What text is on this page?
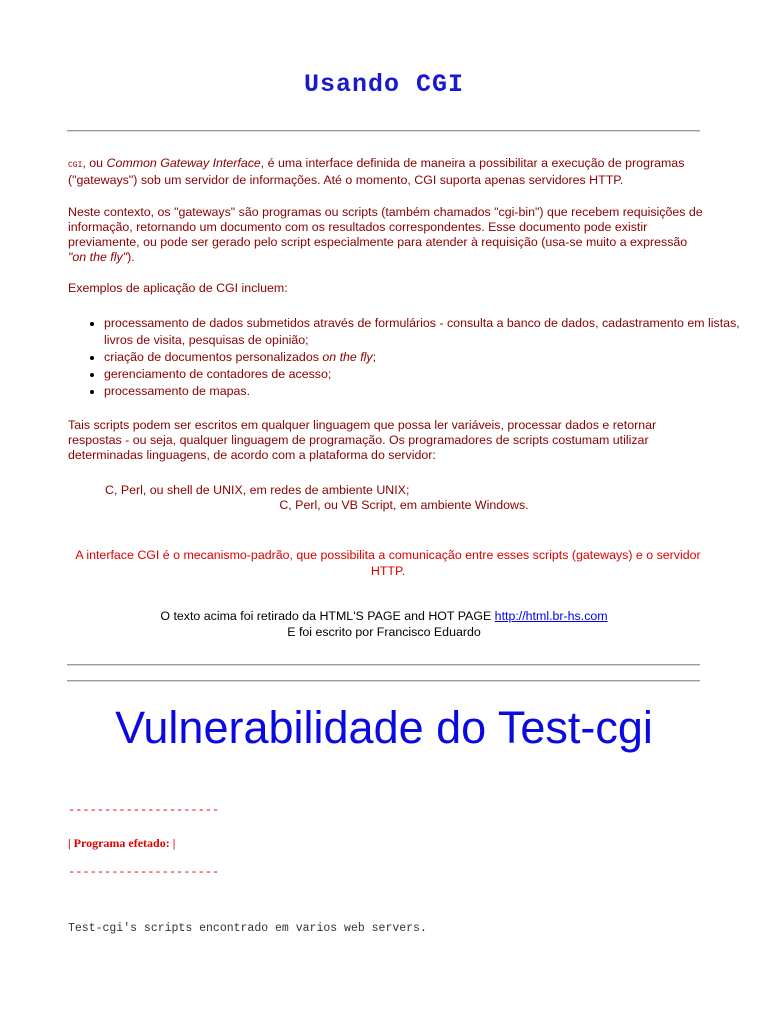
Usando CGI
CGI, ou Common Gateway Interface, é uma interface definida de maneira a possibilitar a execução de programas ("gateways") sob um servidor de informações. Até o momento, CGI suporta apenas servidores HTTP.
Neste contexto, os "gateways" são programas ou scripts (também chamados "cgi-bin") que recebem requisições de informação, retornando um documento com os resultados correspondentes. Esse documento pode existir previamente, ou pode ser gerado pelo script especialmente para atender à requisição (usa-se muito a expressão "on the fly").
Exemplos de aplicação de CGI incluem:
• processamento de dados submetidos através de formulários - consulta a banco de dados, cadastramento em listas, livros de visita, pesquisas de opinião;
• criação de documentos personalizados on the fly;
• gerenciamento de contadores de acesso;
• processamento de mapas.
Tais scripts podem ser escritos em qualquer linguagem que possa ler variáveis, processar dados e retornar respostas - ou seja, qualquer linguagem de programação. Os programadores de scripts costumam utilizar determinadas linguagens, de acordo com a plataforma do servidor:
C, Perl, ou shell de UNIX, em redes de ambiente UNIX;
C, Perl, ou VB Script, em ambiente Windows.
A interface CGI é o mecanismo-padrão, que possibilita a comunicação entre esses scripts (gateways) e o servidor HTTP.
O texto acima foi retirado da HTML'S PAGE and HOT PAGE http://html.br-hs.com
E foi escrito por Francisco Eduardo
Vulnerabilidade do Test-cgi
---------------------
| Programa efetado: |
---------------------
Test-cgi's scripts encontrado em varios web servers.
